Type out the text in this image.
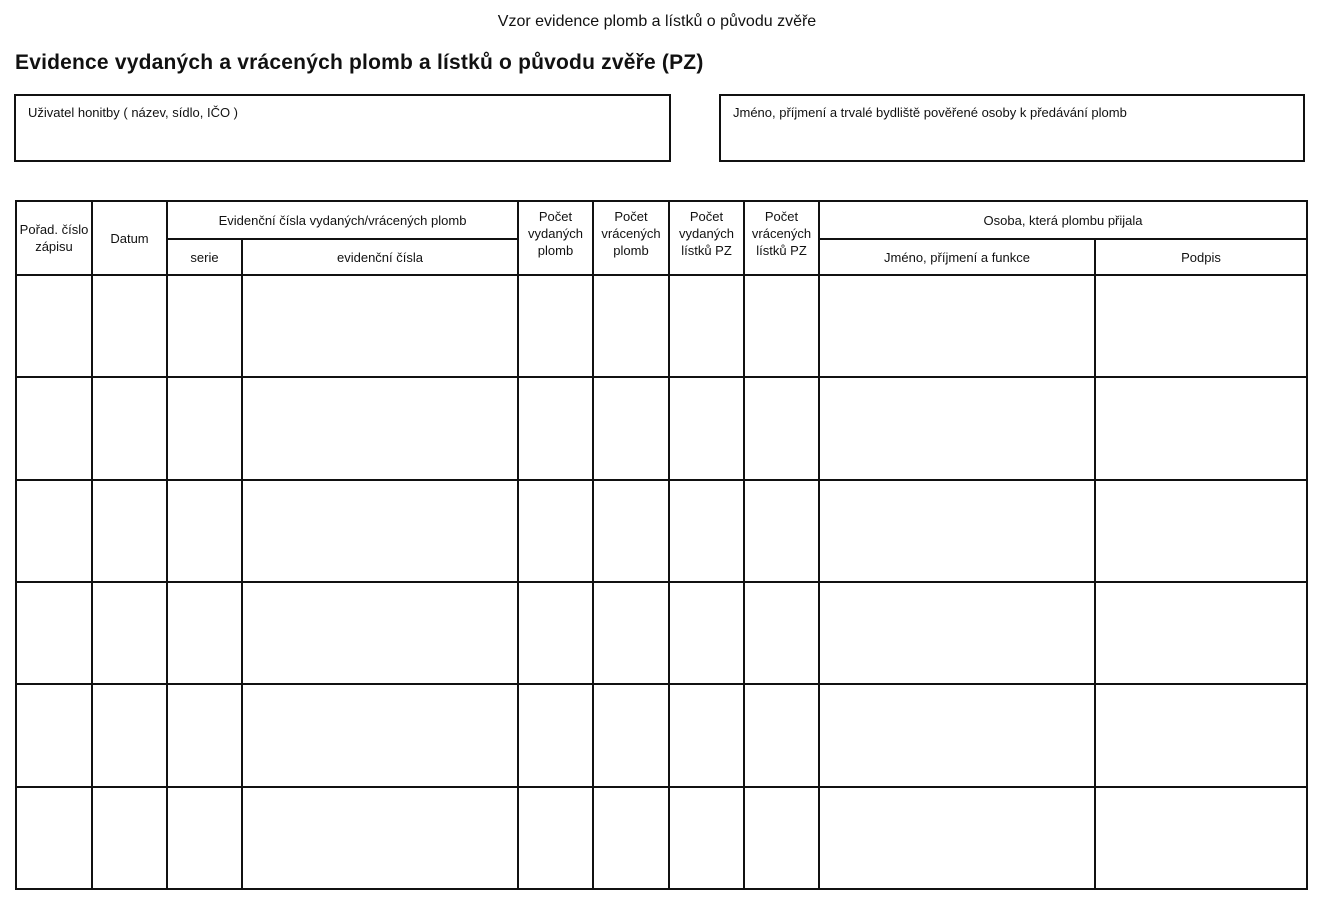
Vzor evidence plomb a lístků o původu zvěře
Evidence vydaných a vrácených plomb a lístků o původu zvěře (PZ)
Uživatel honitby ( název, sídlo, IČO )	Jméno, příjmení a trvalé bydliště pověřené osoby k předávání plomb
Pořad. číslo zápisu	Datum	Evidenční čísla vydaných/vrácených plomb		Počet vydaných plomb	Počet vrácených plomb	Počet vydaných lístků PZ	Počet vrácených lístků PZ	Osoba, která plombu přijala	
		serie	evidenční čísla					Jméno, příjmení a funkce	Podpis
